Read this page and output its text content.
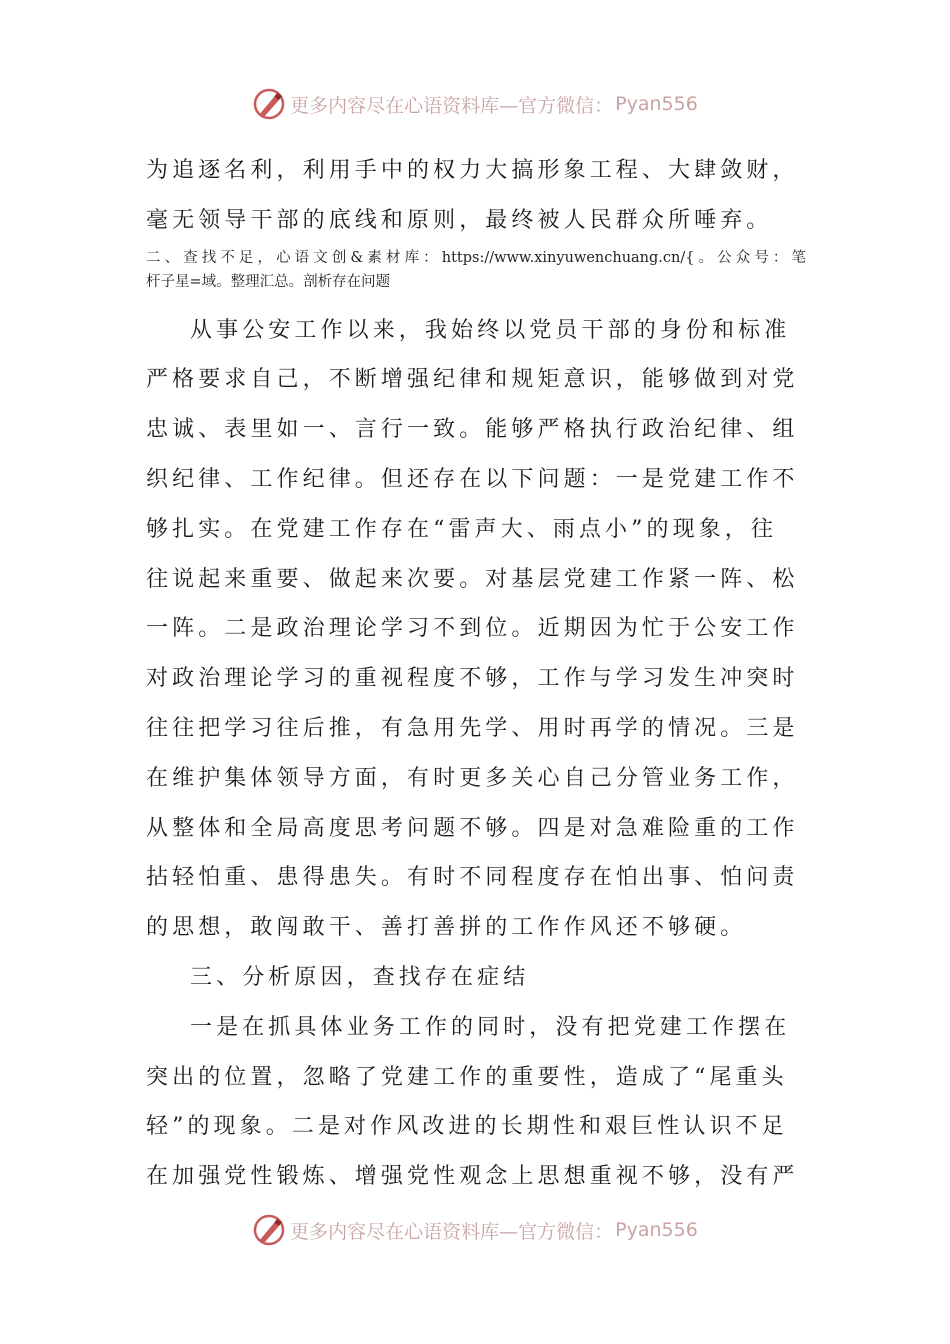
更多内容尽在心语资料库—官方微信： Pyan556
为追逐名利，利用手中的权力大搞形象工程、大肆敛财，
毫无领导干部的底线和原则，最终被人民群众所唾弃。
二、查找不足，心语文创&素材库：https://www.xinyuwenchuang.cn/{。公众号：笔
杆子星=域。整理汇总。剖析存在问题
从事公安工作以来，我始终以党员干部的身份和标准
严格要求自己，不断增强纪律和规矩意识，能够做到对党
忠诚、表里如一、言行一致。能够严格执行政治纪律、组
织纪律、工作纪律。但还存在以下问题：一是党建工作不
够扎实。在党建工作存在“雷声大、雨点小”的现象，往
往说起来重要、做起来次要。对基层党建工作紧一阵、松
一阵。二是政治理论学习不到位。近期因为忙于公安工作
对政治理论学习的重视程度不够，工作与学习发生冲突时
往往把学习往后推，有急用先学、用时再学的情况。三是
在维护集体领导方面，有时更多关心自己分管业务工作，
从整体和全局高度思考问题不够。四是对急难险重的工作
拈轻怕重、患得患失。有时不同程度存在怕出事、怕问责
的思想，敢闯敢干、善打善拼的工作作风还不够硬。
三、分析原因，查找存在症结
一是在抓具体业务工作的同时，没有把党建工作摆在
突出的位置，忽略了党建工作的重要性，造成了“尾重头
轻”的现象。二是对作风改进的长期性和艰巨性认识不足
在加强党性锻炼、增强党性观念上思想重视不够，没有严
更多内容尽在心语资料库—官方微信： Pyan556
